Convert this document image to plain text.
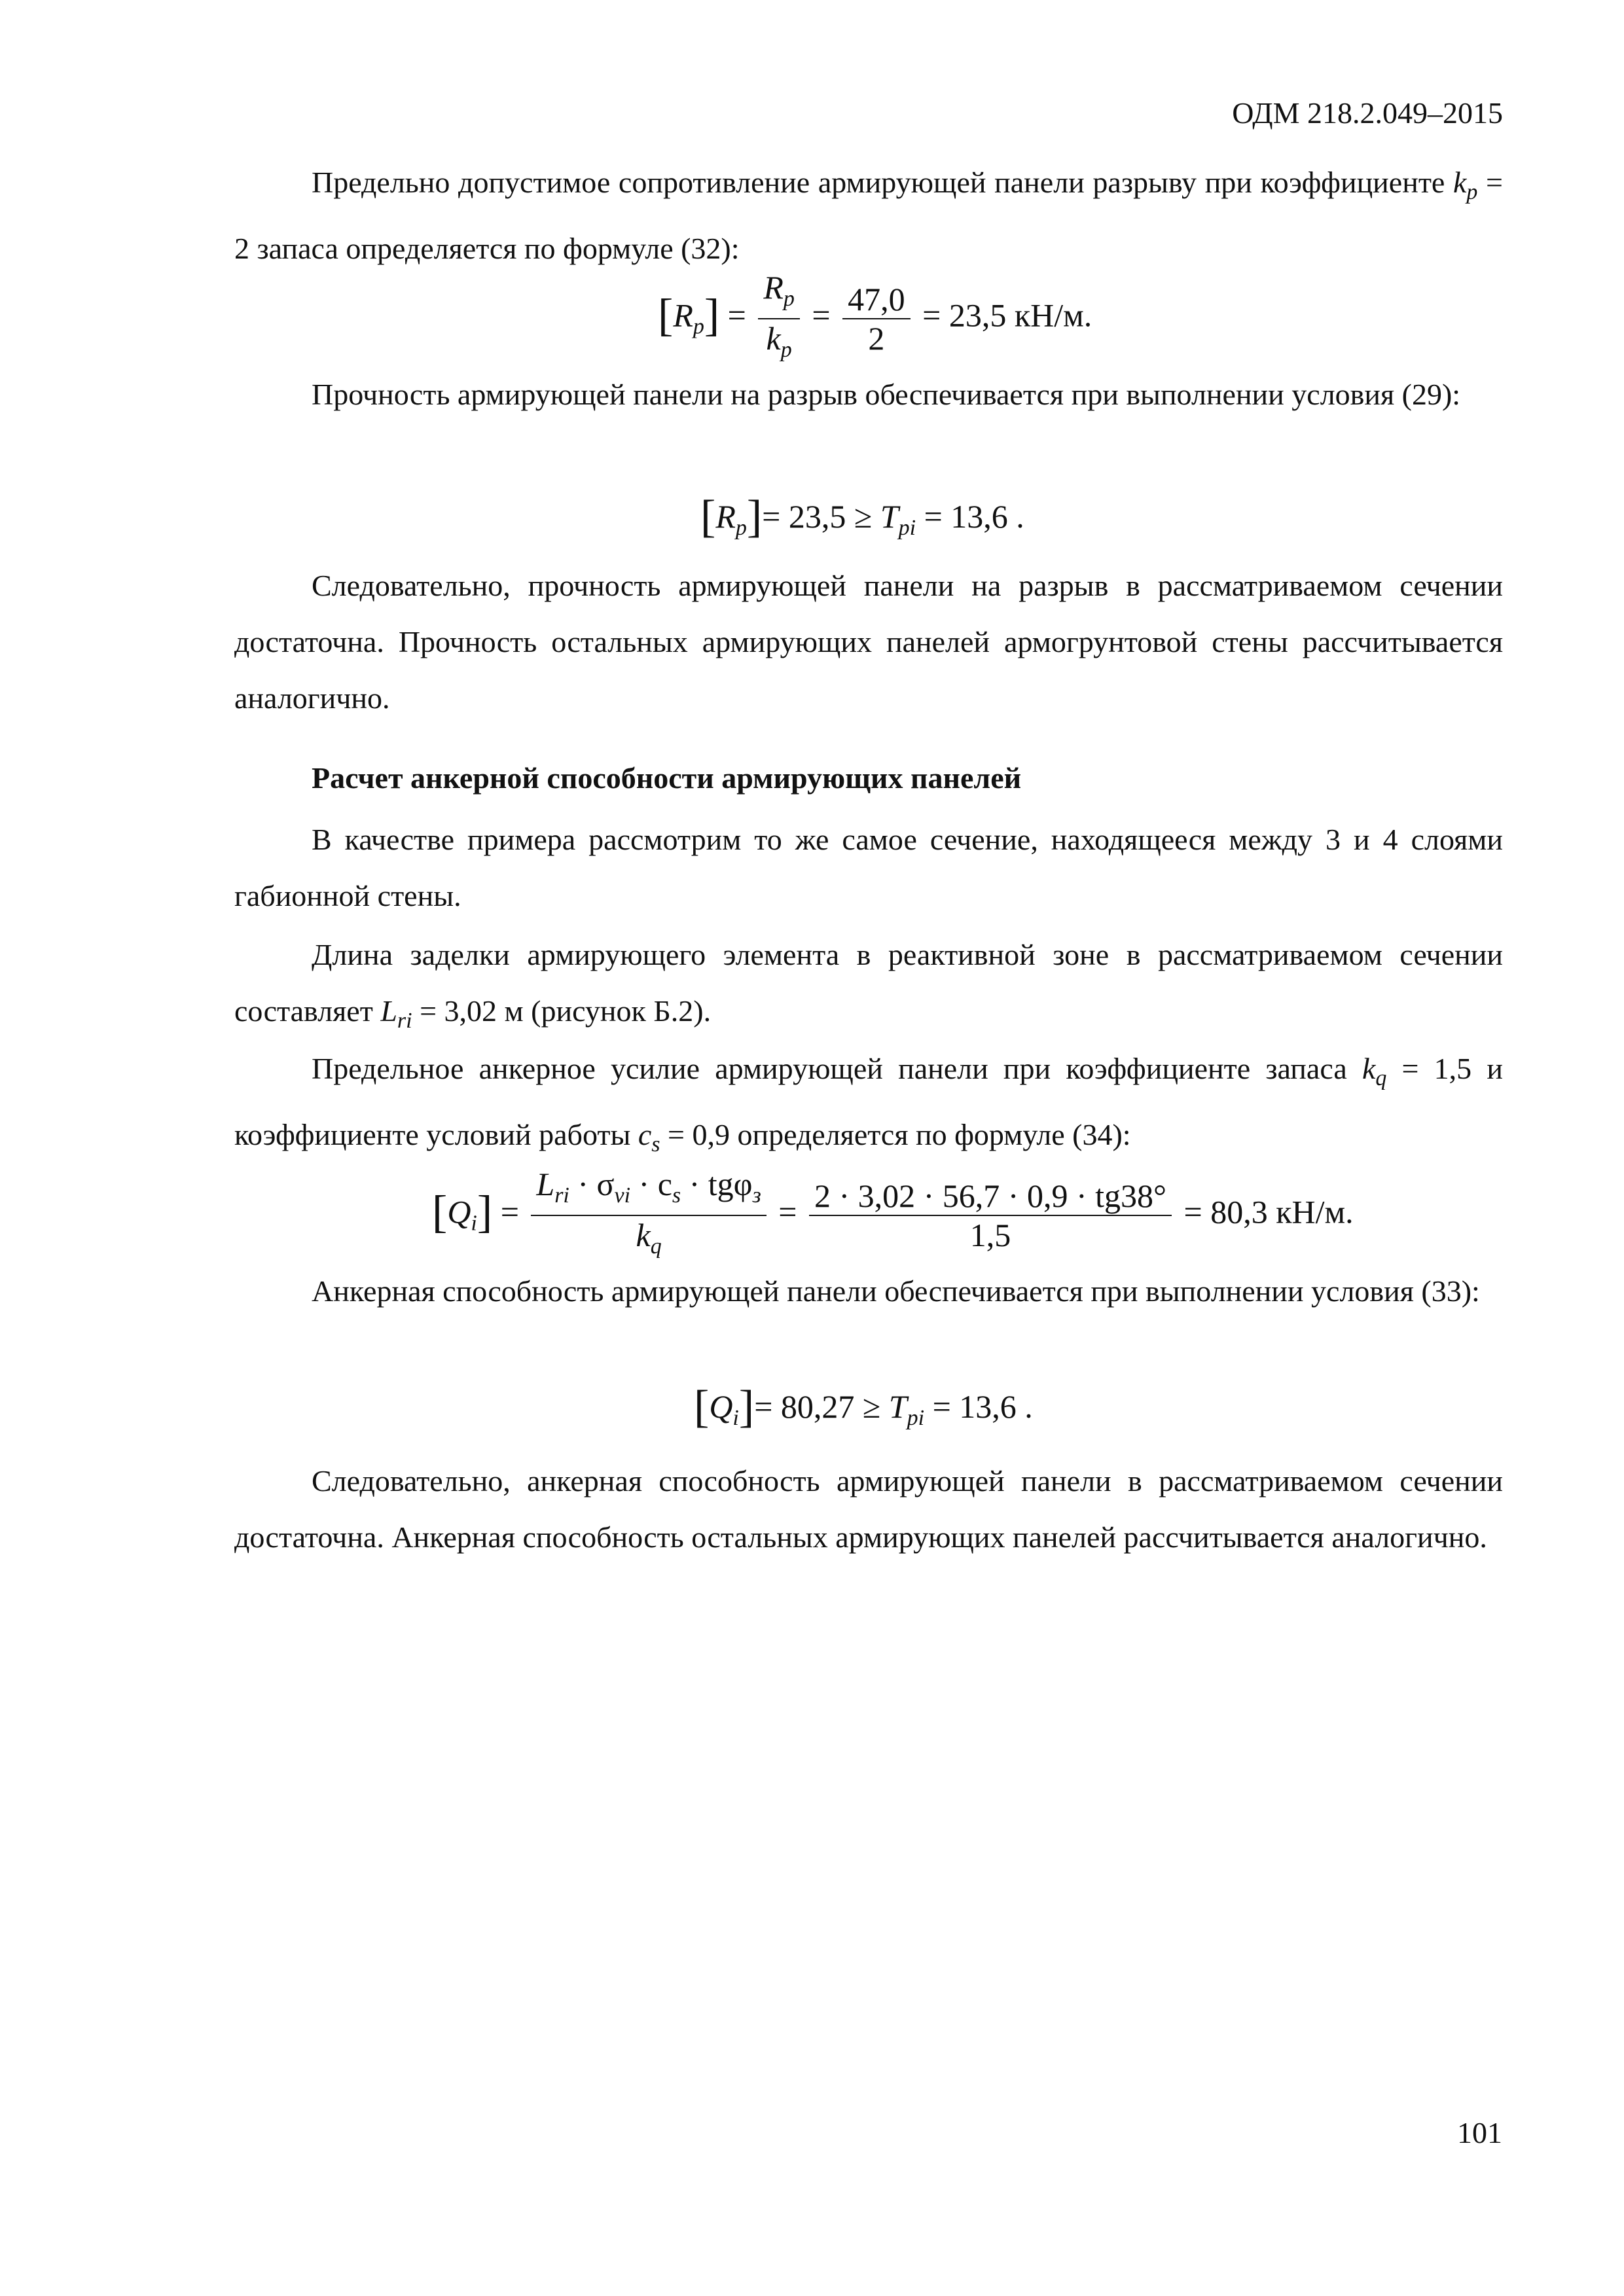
ОДМ 218.2.049–2015

Предельно допустимое сопротивление армирующей панели разрыву при коэффициенте $k_p = 2$ запаса определяется по формуле (32):

$[R_p] = \frac{R_p}{k_p} = \frac{47,0}{2} = 23,5$ кН/м.

Прочность армирующей панели на разрыв обеспечивается при выполнении условия (29):

$[R_p]= 23,5 \ge T_{pi} = 13,6$ .

Следовательно, прочность армирующей панели на разрыв в рассматриваемом сечении достаточна. Прочность остальных армирующих панелей армогрунтовой стены рассчитывается аналогично.

Расчет анкерной способности армирующих панелей

В качестве примера рассмотрим то же самое сечение, находящееся между 3 и 4 слоями габионной стены.

Длина заделки армирующего элемента в реактивной зоне в рассматриваемом сечении составляет $L_{ri} = 3,02$ м (рисунок Б.2).

Предельное анкерное усилие армирующей панели при коэффициенте запаса $k_q = 1,5$ и коэффициенте условий работы $c_s = 0,9$ определяется по формуле (34):

$[Q_i] = \frac{L_{ri} \cdot \sigma_{vi} \cdot c_s \cdot tg\varphi_з}{k_q} = \frac{2 \cdot 3,02 \cdot 56,7 \cdot 0,9 \cdot tg38^\circ}{1,5} = 80,3$ кН/м.

Анкерная способность армирующей панели обеспечивается при выполнении условия (33):

$[Q_i]= 80,27 \ge T_{pi} = 13,6$ .

Следовательно, анкерная способность армирующей панели в рассматриваемом сечении достаточна. Анкерная способность остальных армирующих панелей рассчитывается аналогично.

101
